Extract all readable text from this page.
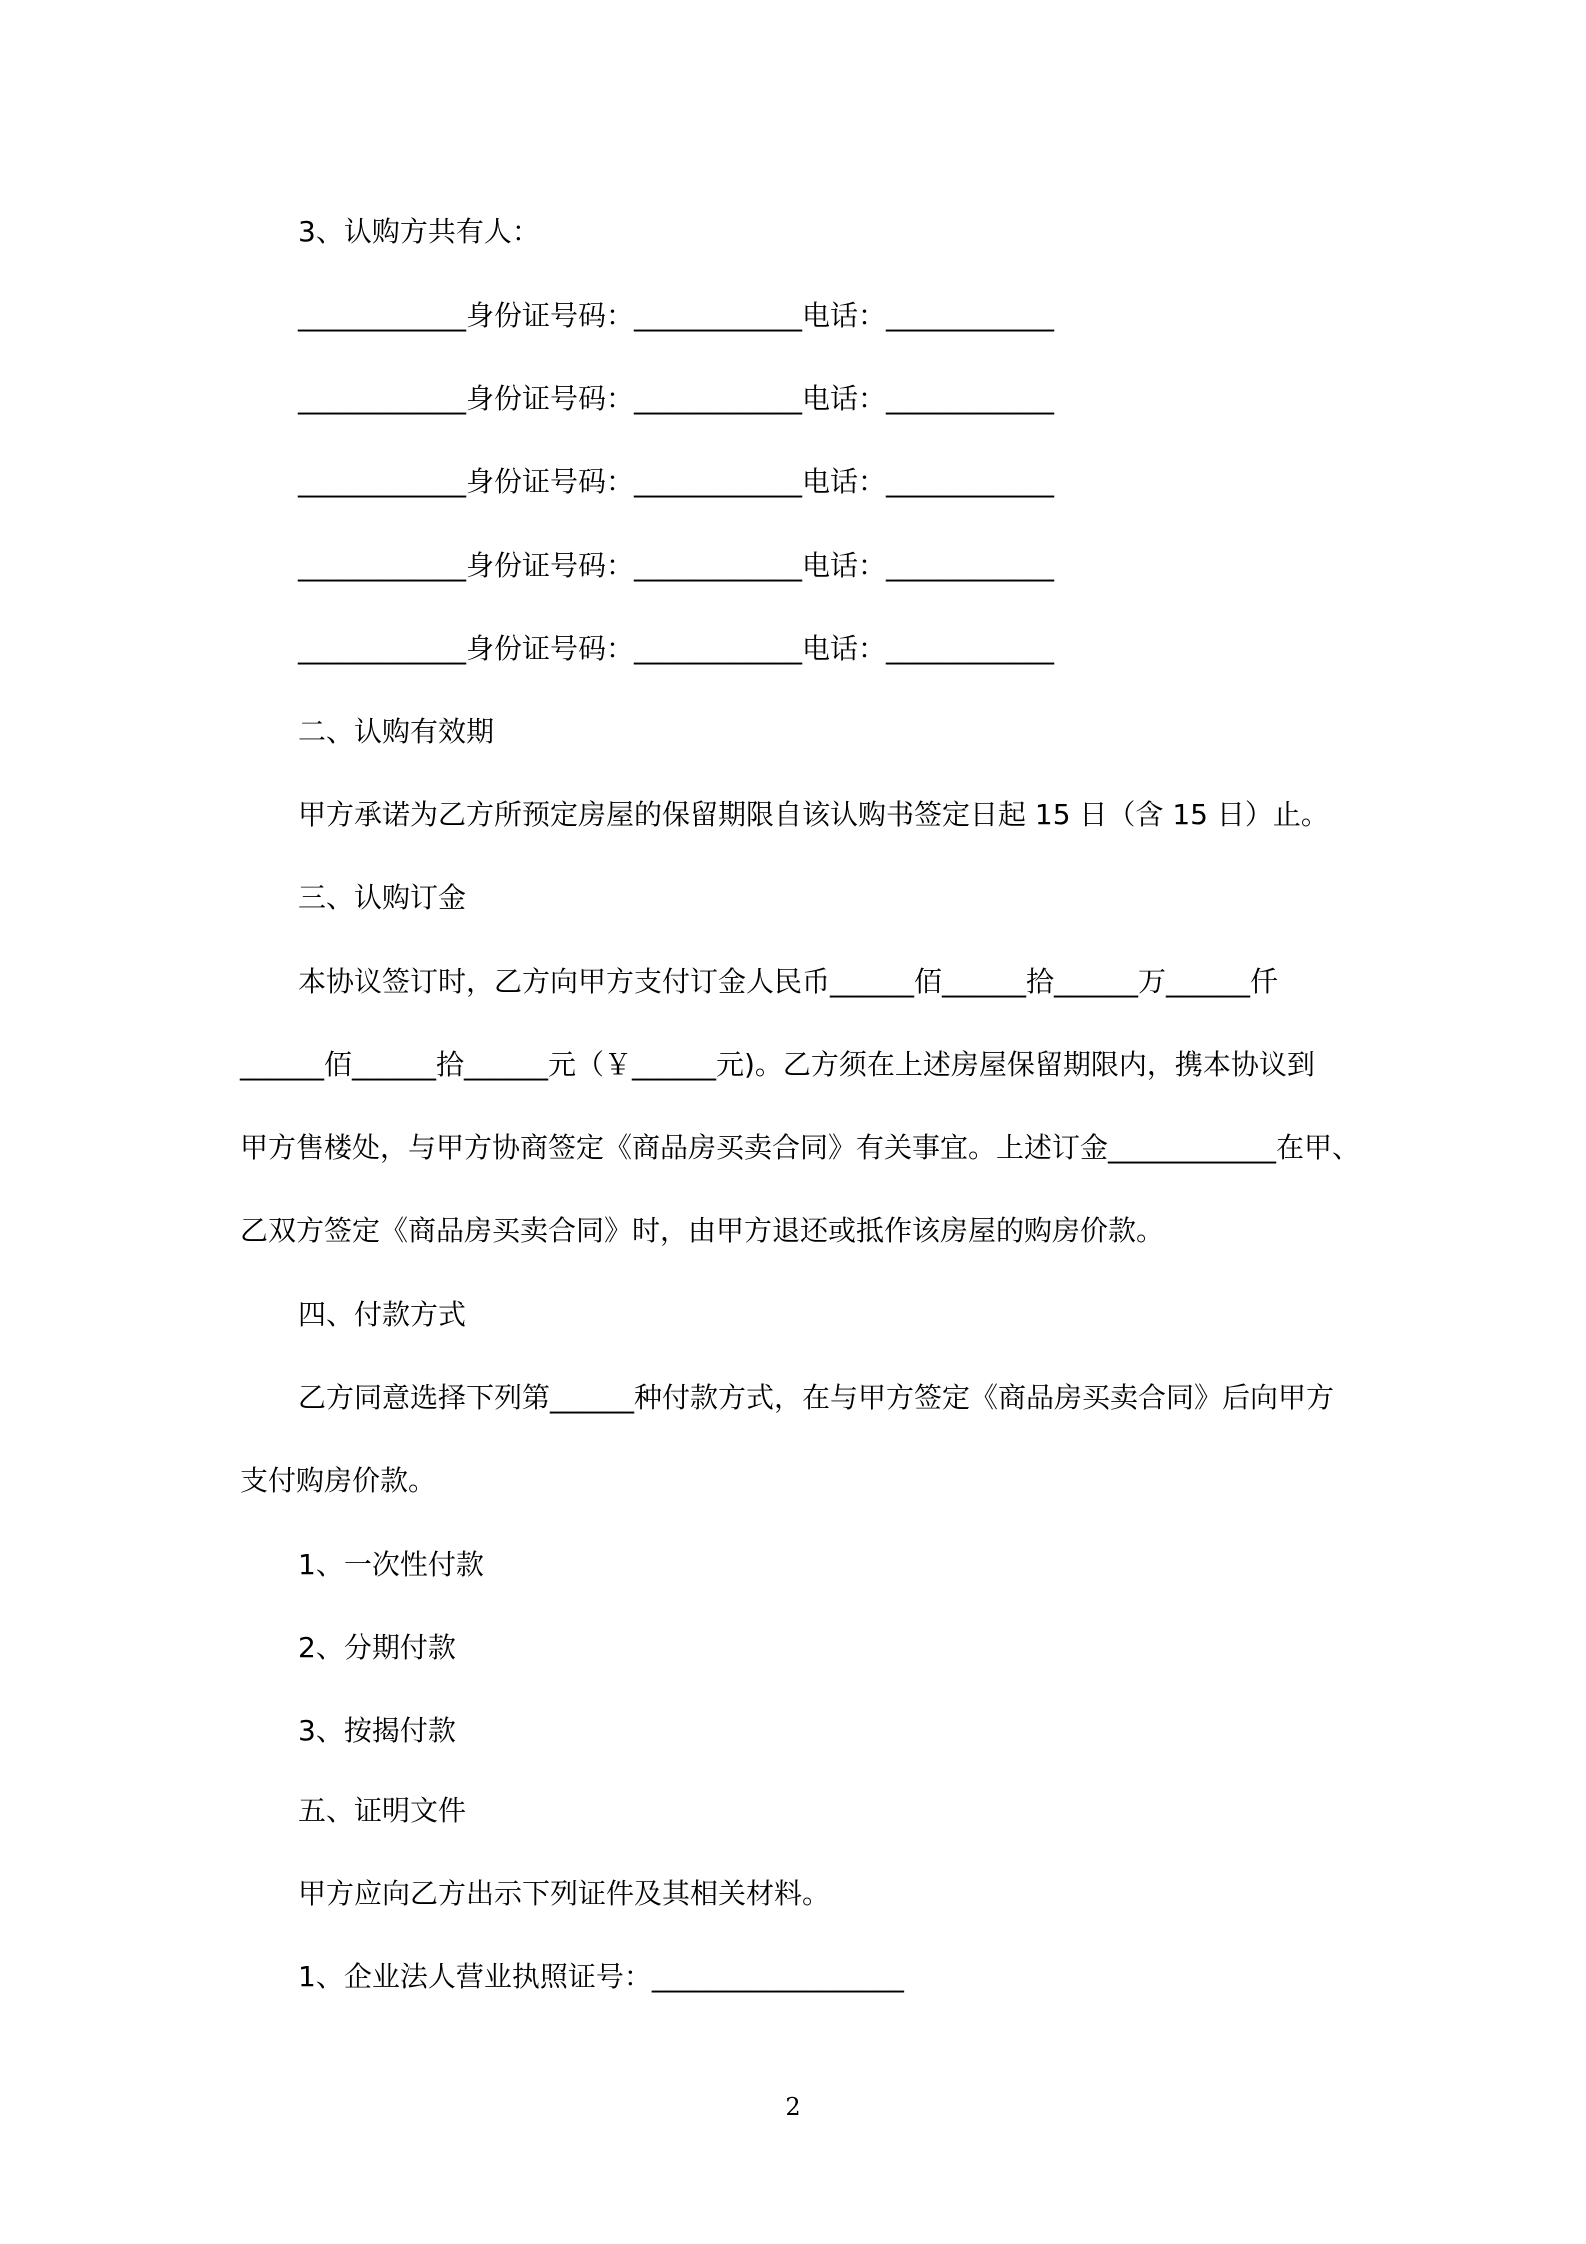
3、认购方共有人：
____________身份证号码：____________电话：____________
____________身份证号码：____________电话：____________
____________身份证号码：____________电话：____________
____________身份证号码：____________电话：____________
____________身份证号码：____________电话：____________
二、认购有效期
甲方承诺为乙方所预定房屋的保留期限自该认购书签定日起 15 日（含 15 日）止。
三、认购订金
本协议签订时，乙方向甲方支付订金人民币______佰______拾______万______仟
______佰______拾______元（￥______元)。乙方须在上述房屋保留期限内，携本协议到
甲方售楼处，与甲方协商签定《商品房买卖合同》有关事宜。上述订金____________在甲、
乙双方签定《商品房买卖合同》时，由甲方退还或抵作该房屋的购房价款。
四、付款方式
乙方同意选择下列第______种付款方式，在与甲方签定《商品房买卖合同》后向甲方
支付购房价款。
1、一次性付款
2、分期付款
3、按揭付款
五、证明文件
甲方应向乙方出示下列证件及其相关材料。
1、企业法人营业执照证号：__________________
2
